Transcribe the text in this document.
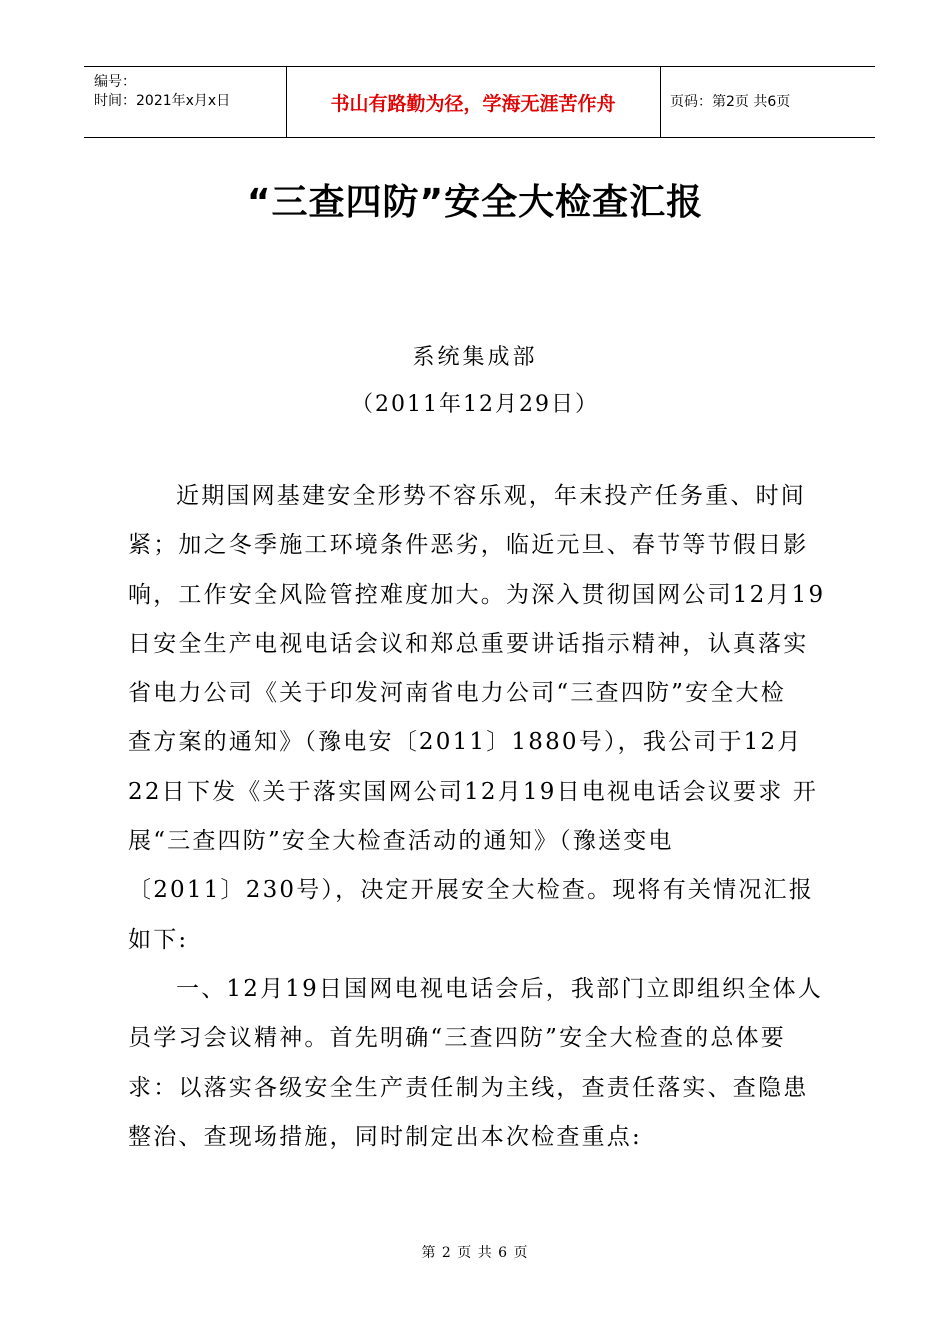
编号：
时间：2021年x月x日	书山有路勤为径，学海无涯苦作舟	页码：第2页 共6页
“三查四防”安全大检查汇报
系统集成部
（2011年12月29日）
近期国网基建安全形势不容乐观，年末投产任务重、时间
紧；加之冬季施工环境条件恶劣，临近元旦、春节等节假日影
响，工作安全风险管控难度加大。为深入贯彻国网公司12月19
日安全生产电视电话会议和郑总重要讲话指示精神，认真落实
省电力公司《关于印发河南省电力公司“三查四防”安全大检
查方案的通知》（豫电安〔2011〕1880号），我公司于12月
22日下发《关于落实国网公司12月19日电视电话会议要求 开
展“三查四防”安全大检查活动的通知》（豫送变电
〔2011〕230号），决定开展安全大检查。现将有关情况汇报
如下:
一、12月19日国网电视电话会后，我部门立即组织全体人
员学习会议精神。首先明确“三查四防”安全大检查的总体要
求：以落实各级安全生产责任制为主线，查责任落实、查隐患
整治、查现场措施，同时制定出本次检查重点:
第 2 页 共 6 页
